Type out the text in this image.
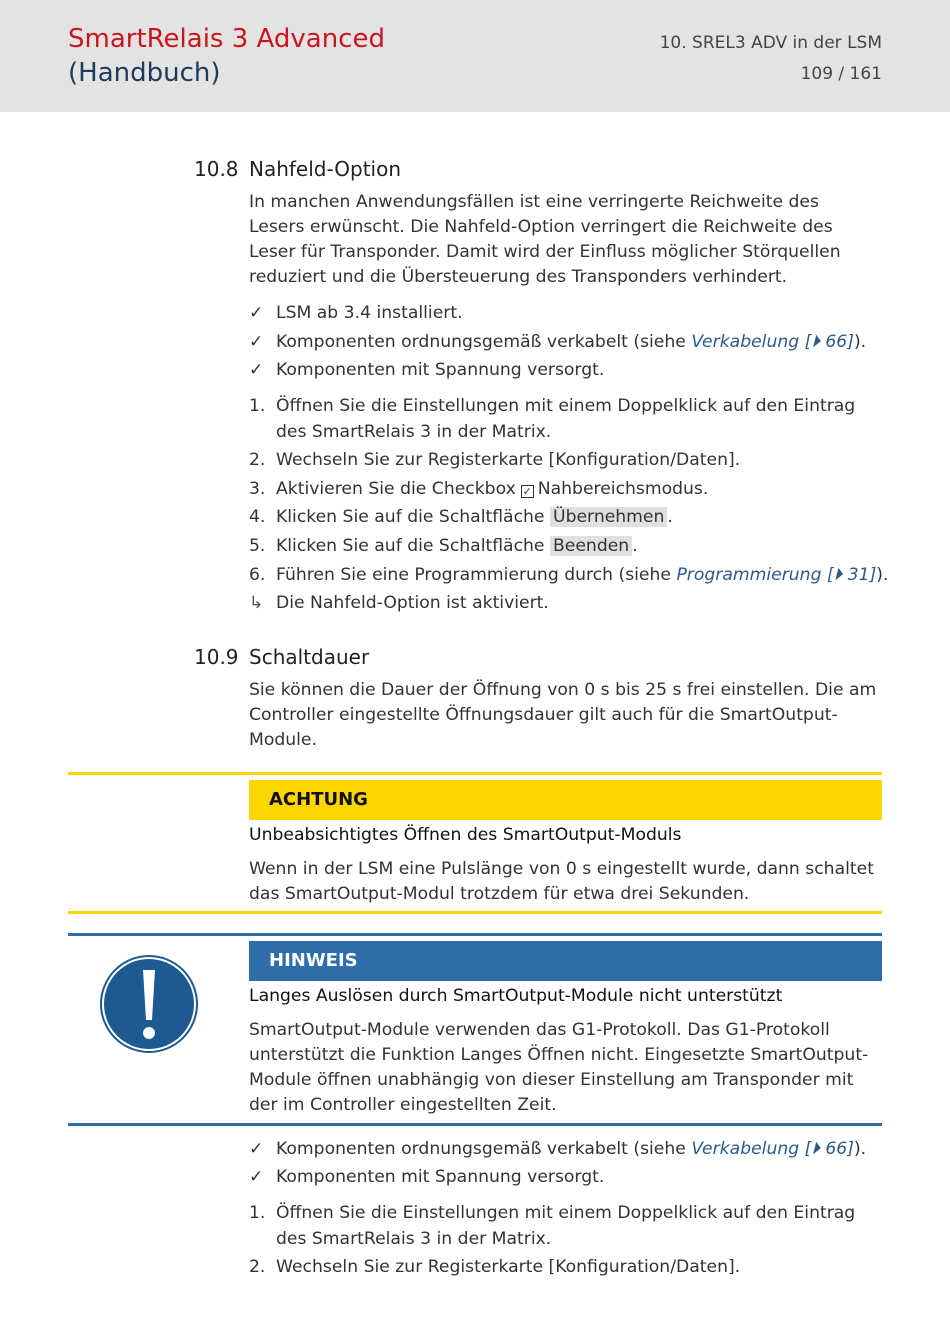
SmartRelais 3 Advanced
(Handbuch)
10. SREL3 ADV in der LSM
109 / 161
10.8 Nahfeld-Option
In manchen Anwendungsfällen ist eine verringerte Reichweite des Lesers erwünscht. Die Nahfeld-Option verringert die Reichweite des Leser für Transponder. Damit wird der Einfluss möglicher Störquellen reduziert und die Übersteuerung des Transponders verhindert.
✓ LSM ab 3.4 installiert.
✓ Komponenten ordnungsgemäß verkabelt (siehe Verkabelung [⏵ 66]).
✓ Komponenten mit Spannung versorgt.
1. Öffnen Sie die Einstellungen mit einem Doppelklick auf den Eintrag des SmartRelais 3 in der Matrix.
2. Wechseln Sie zur Registerkarte [Konfiguration/Daten].
3. Aktivieren Sie die Checkbox ✓ Nahbereichsmodus.
4. Klicken Sie auf die Schaltfläche Übernehmen .
5. Klicken Sie auf die Schaltfläche Beenden .
6. Führen Sie eine Programmierung durch (siehe Programmierung [⏵ 31]).
↳ Die Nahfeld-Option ist aktiviert.
10.9 Schaltdauer
Sie können die Dauer der Öffnung von 0 s bis 25 s frei einstellen. Die am Controller eingestellte Öffnungsdauer gilt auch für die SmartOutput-Module.
ACHTUNG
Unbeabsichtigtes Öffnen des SmartOutput-Moduls
Wenn in der LSM eine Pulslänge von 0 s eingestellt wurde, dann schaltet das SmartOutput-Modul trotzdem für etwa drei Sekunden.
HINWEIS
Langes Auslösen durch SmartOutput-Module nicht unterstützt
SmartOutput-Module verwenden das G1-Protokoll. Das G1-Protokoll unterstützt die Funktion Langes Öffnen nicht. Eingesetzte SmartOutput-Module öffnen unabhängig von dieser Einstellung am Transponder mit der im Controller eingestellten Zeit.
✓ Komponenten ordnungsgemäß verkabelt (siehe Verkabelung [⏵ 66]).
✓ Komponenten mit Spannung versorgt.
1. Öffnen Sie die Einstellungen mit einem Doppelklick auf den Eintrag des SmartRelais 3 in der Matrix.
2. Wechseln Sie zur Registerkarte [Konfiguration/Daten].
